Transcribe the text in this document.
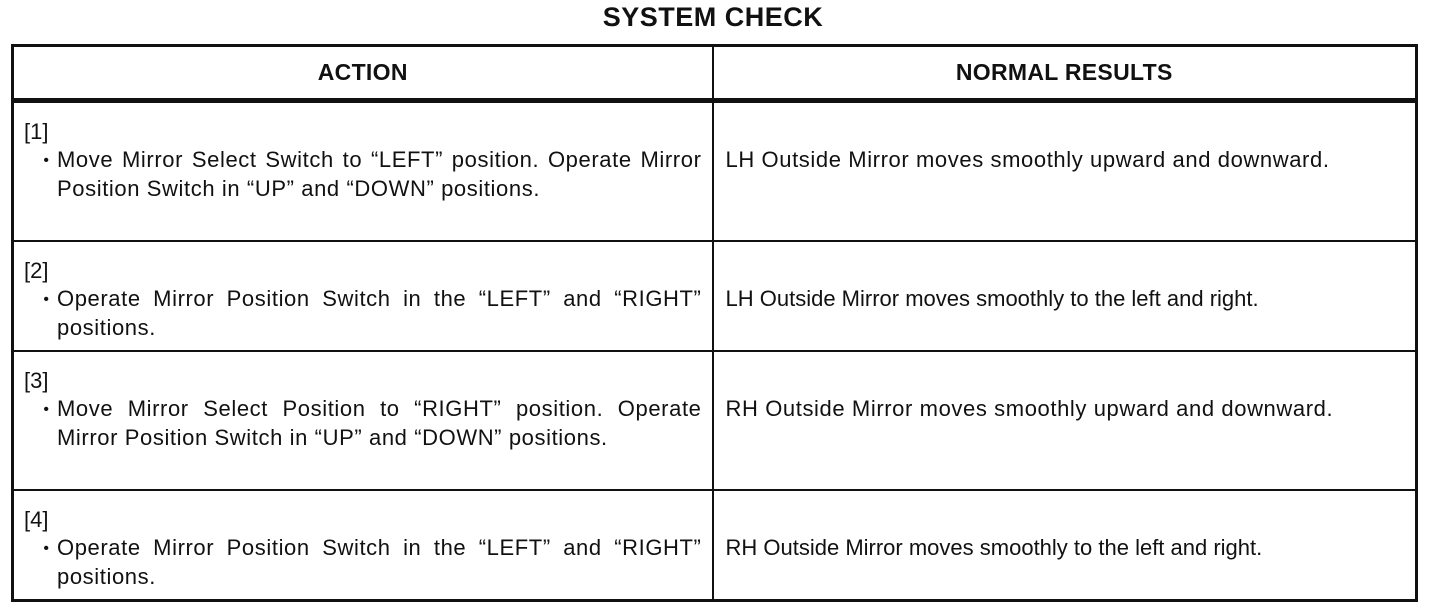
SYSTEM CHECK
ACTION	NORMAL RESULTS

[1]
• Move Mirror Select Switch to “LEFT” position. Operate Mirror Position Switch in “UP” and “DOWN” positions.	LH Outside Mirror moves smoothly upward and downward.

[2]
• Operate Mirror Position Switch in the “LEFT” and “RIGHT” positions.	LH Outside Mirror moves smoothly to the left and right.

[3]
• Move Mirror Select Position to “RIGHT” position. Operate Mirror Position Switch in “UP” and “DOWN” positions.	RH Outside Mirror moves smoothly upward and downward.

[4]
• Operate Mirror Position Switch in the “LEFT” and “RIGHT” positions.	RH Outside Mirror moves smoothly to the left and right.
